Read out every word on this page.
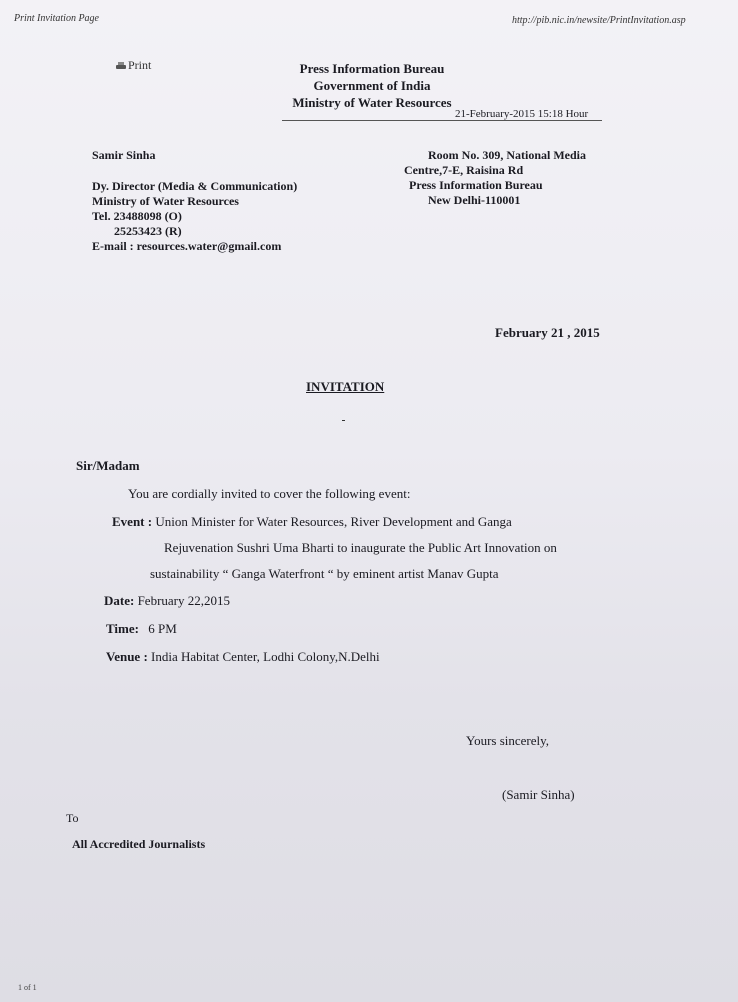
Print Invitation Page	http://pib.nic.in/newsite/PrintInvitation.asp
Print	Press Information Bureau
Government of India
Ministry of Water Resources
21-February-2015 15:18 Hour
Samir Sinha
Dy. Director (Media & Communication)
Ministry of Water Resources
Tel. 23488098 (O)
25253423 (R)
E-mail : resources.water@gmail.com
Room No. 309, National Media
Centre,7-E, Raisina Rd
Press Information Bureau
New Delhi-110001
February 21 , 2015
INVITATION
Sir/Madam
You are cordially invited to cover the following event:
Event : Union Minister for Water Resources, River Development and Ganga
Rejuvenation Sushri Uma Bharti to inaugurate the Public Art Innovation on
sustainability “ Ganga Waterfront “ by eminent artist Manav Gupta
Date: February 22,2015
Time: 6 PM
Venue : India Habitat Center, Lodhi Colony,N.Delhi
Yours sincerely,
(Samir Sinha)
To
All Accredited Journalists
1 of 1
